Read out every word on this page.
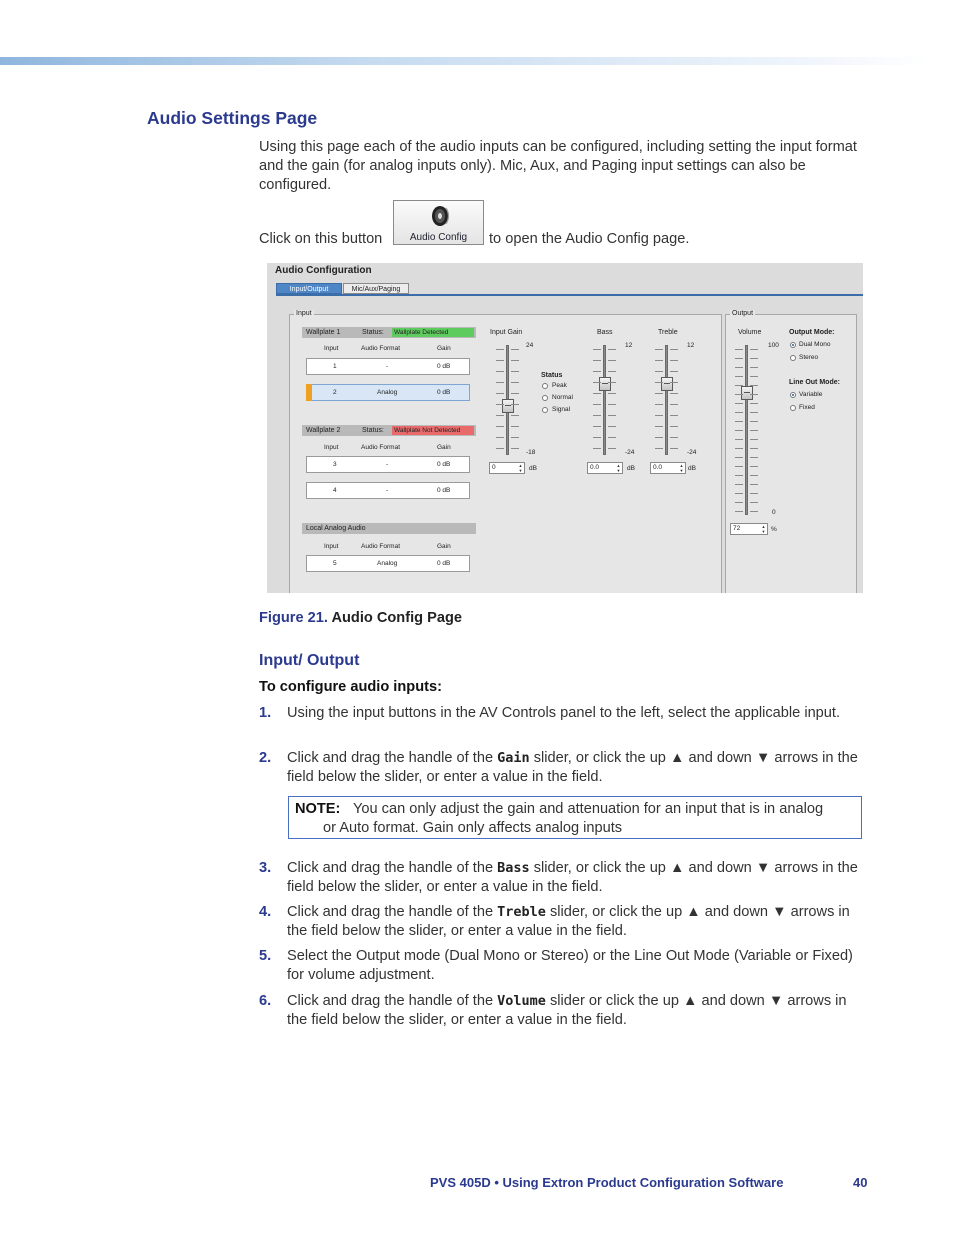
Audio Settings Page
Using this page each of the audio inputs can be configured, including setting the input format and the gain (for analog inputs only). Mic, Aux, and Paging input settings can also be configured.
Click on this button	Audio Config	to open the Audio Config page.
Audio Configuration
Input/Output	Mic/Aux/Paging
Input
Wallplate 1	Status:	Wallplate Detected
Input	Audio Format	Gain
1	-	0 dB
2	Analog	0 dB
Wallplate 2	Status:	Wallplate Not Detected
Input	Audio Format	Gain
3	-	0 dB
4	-	0 dB
Local Analog Audio
Input	Audio Format	Gain
5	Analog	0 dB
Input Gain
24
-18
0	▲
▼ dB
Status
Peak
Normal
Signal
Bass
12
-24
0.0	▲
▼ dB
Treble
12
-24
0.0	▲
▼ dB
Output
Volume
100
0
72	▲
▼ %
Output Mode:
Dual Mono
Stereo
Line Out Mode:
Variable
Fixed
Figure 21. Audio Config Page
Input/ Output
To configure audio inputs:
1. Using the input buttons in the AV Controls panel to the left, select the applicable input.
2. Click and drag the handle of the Gain slider, or click the up ▲ and down ▼ arrows in the field below the slider, or enter a value in the field.
NOTE: You can only adjust the gain and attenuation for an input that is in analog
or Auto format. Gain only affects analog inputs
3. Click and drag the handle of the Bass slider, or click the up ▲ and down ▼ arrows in the field below the slider, or enter a value in the field.
4. Click and drag the handle of the Treble slider, or click the up ▲ and down ▼ arrows in the field below the slider, or enter a value in the field.
5. Select the Output mode (Dual Mono or Stereo) or the Line Out Mode (Variable or Fixed) for volume adjustment.
6. Click and drag the handle of the Volume slider or click the up ▲ and down ▼ arrows in the field below the slider, or enter a value in the field.
PVS 405D • Using Extron Product Configuration Software	40
